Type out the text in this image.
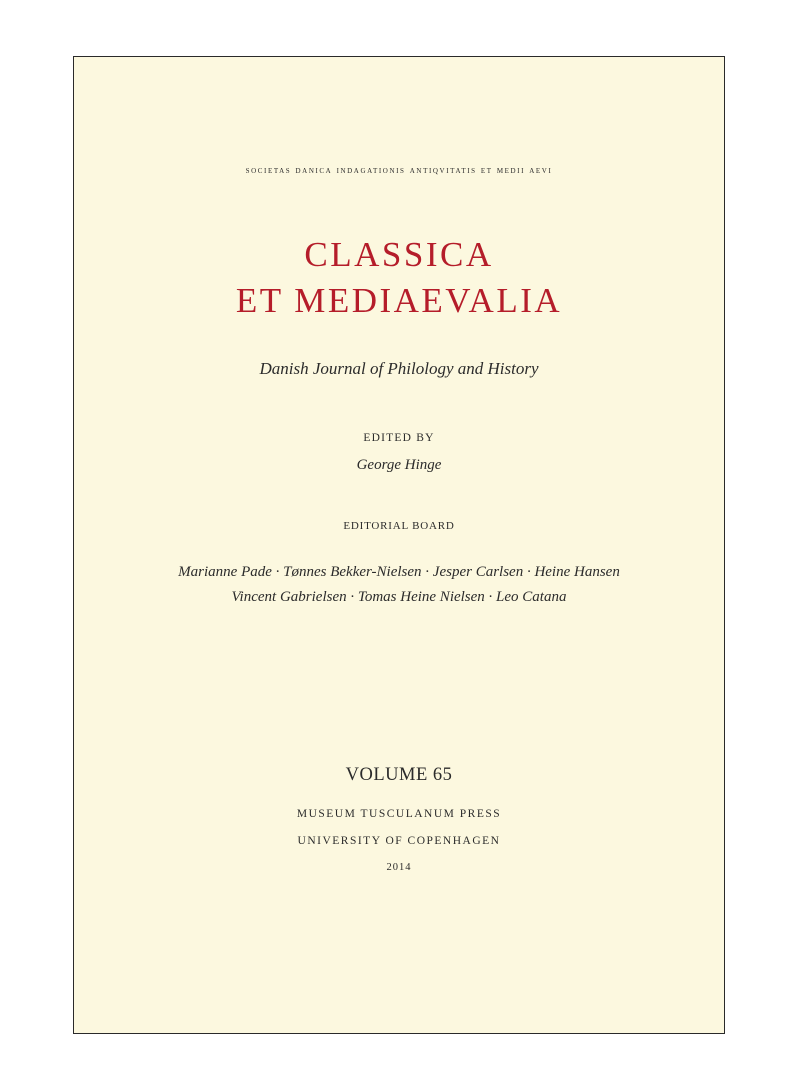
societas danica indagationis antiqvitatis et medii aevi
CLASSICA
ET MEDIAEVALIA
Danish Journal of Philology and History
EDITED BY
George Hinge
EDITORIAL BOARD
Marianne Pade · Tønnes Bekker-Nielsen · Jesper Carlsen · Heine Hansen
Vincent Gabrielsen · Tomas Heine Nielsen · Leo Catana
VOLUME 65
MUSEUM TUSCULANUM PRESS
UNIVERSITY OF COPENHAGEN
2014
